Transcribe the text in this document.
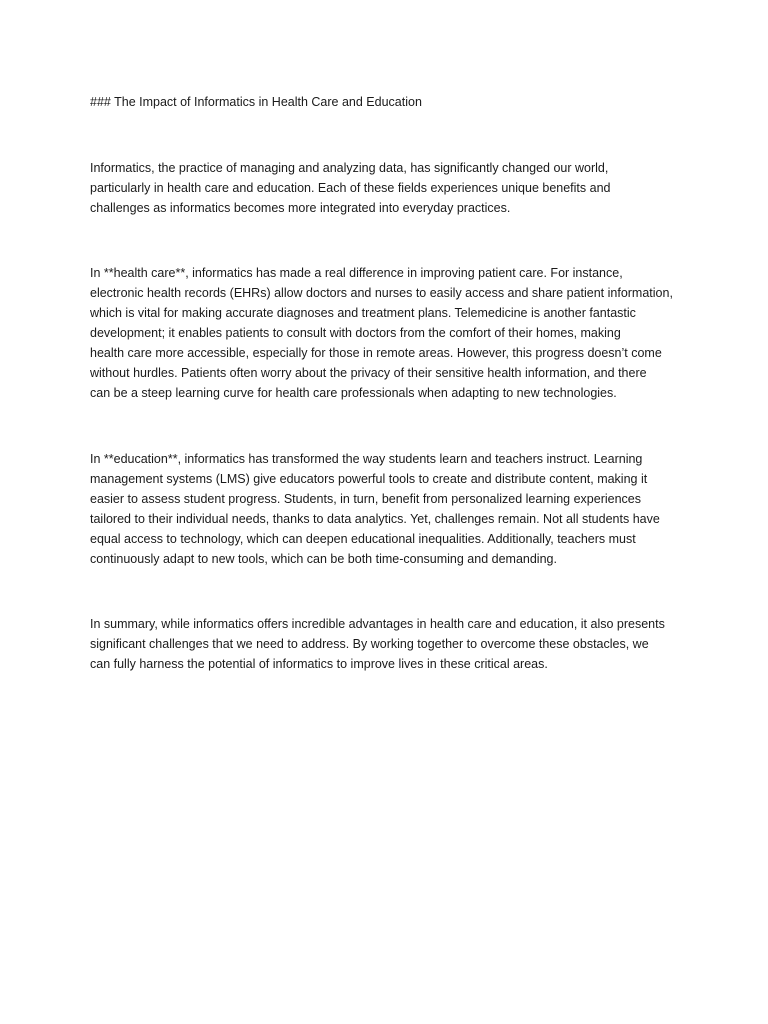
### The Impact of Informatics in Health Care and Education

Informatics, the practice of managing and analyzing data, has significantly changed our world,
particularly in health care and education. Each of these fields experiences unique benefits and
challenges as informatics becomes more integrated into everyday practices.

In **health care**, informatics has made a real difference in improving patient care. For instance,
electronic health records (EHRs) allow doctors and nurses to easily access and share patient information,
which is vital for making accurate diagnoses and treatment plans. Telemedicine is another fantastic
development; it enables patients to consult with doctors from the comfort of their homes, making
health care more accessible, especially for those in remote areas. However, this progress doesn’t come
without hurdles. Patients often worry about the privacy of their sensitive health information, and there
can be a steep learning curve for health care professionals when adapting to new technologies.

In **education**, informatics has transformed the way students learn and teachers instruct. Learning
management systems (LMS) give educators powerful tools to create and distribute content, making it
easier to assess student progress. Students, in turn, benefit from personalized learning experiences
tailored to their individual needs, thanks to data analytics. Yet, challenges remain. Not all students have
equal access to technology, which can deepen educational inequalities. Additionally, teachers must
continuously adapt to new tools, which can be both time-consuming and demanding.

In summary, while informatics offers incredible advantages in health care and education, it also presents
significant challenges that we need to address. By working together to overcome these obstacles, we
can fully harness the potential of informatics to improve lives in these critical areas.
